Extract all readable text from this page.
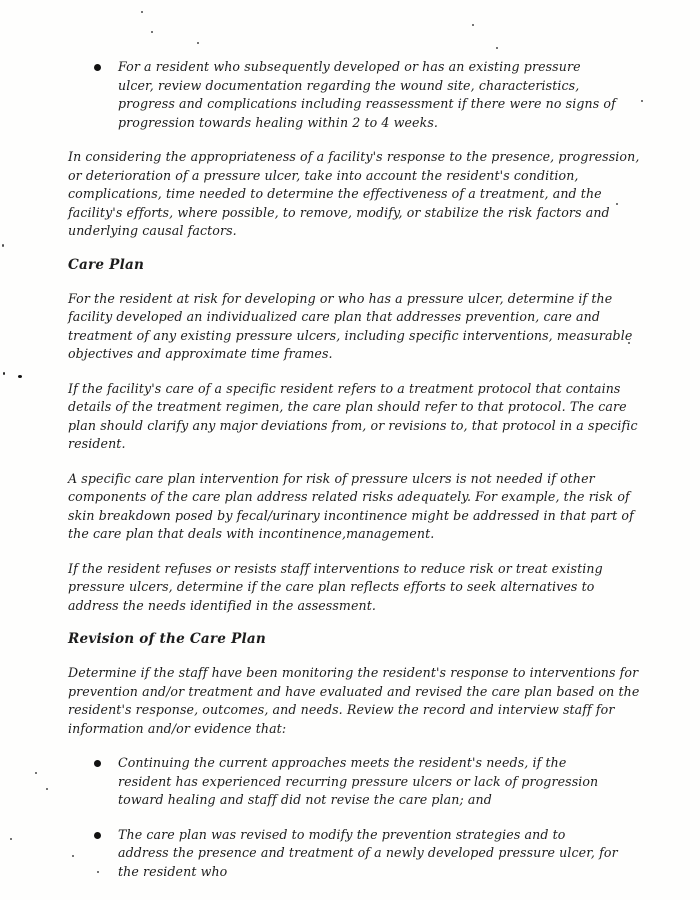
For a resident who subsequently developed or has an existing pressure ulcer, review documentation regarding the wound site, characteristics, progress and complications including reassessment if there were no signs of progression towards healing within 2 to 4 weeks.

In considering the appropriateness of a facility's response to the presence, progression, or deterioration of a pressure ulcer, take into account the resident's condition, complications, time needed to determine the effectiveness of a treatment, and the facility's efforts, where possible, to remove, modify, or stabilize the risk factors and underlying causal factors.

Care Plan

For the resident at risk for developing or who has a pressure ulcer, determine if the facility developed an individualized care plan that addresses prevention, care and treatment of any existing pressure ulcers, including specific interventions, measurable objectives and approximate time frames.

If the facility's care of a specific resident refers to a treatment protocol that contains details of the treatment regimen, the care plan should refer to that protocol. The care plan should clarify any major deviations from, or revisions to, that protocol in a specific resident.

A specific care plan intervention for risk of pressure ulcers is not needed if other components of the care plan address related risks adequately. For example, the risk of skin breakdown posed by fecal/urinary incontinence might be addressed in that part of the care plan that deals with incontinence,management.

If the resident refuses or resists staff interventions to reduce risk or treat existing pressure ulcers, determine if the care plan reflects efforts to seek alternatives to address the needs identified in the assessment.

Revision of the Care Plan

Determine if the staff have been monitoring the resident's response to interventions for prevention and/or treatment and have evaluated and revised the care plan based on the resident's response, outcomes, and needs. Review the record and interview staff for information and/or evidence that:

Continuing the current approaches meets the resident's needs, if the resident has experienced recurring pressure ulcers or lack of progression toward healing and staff did not revise the care plan; and
The care plan was revised to modify the prevention strategies and to address the presence and treatment of a newly developed pressure ulcer, for the resident who
